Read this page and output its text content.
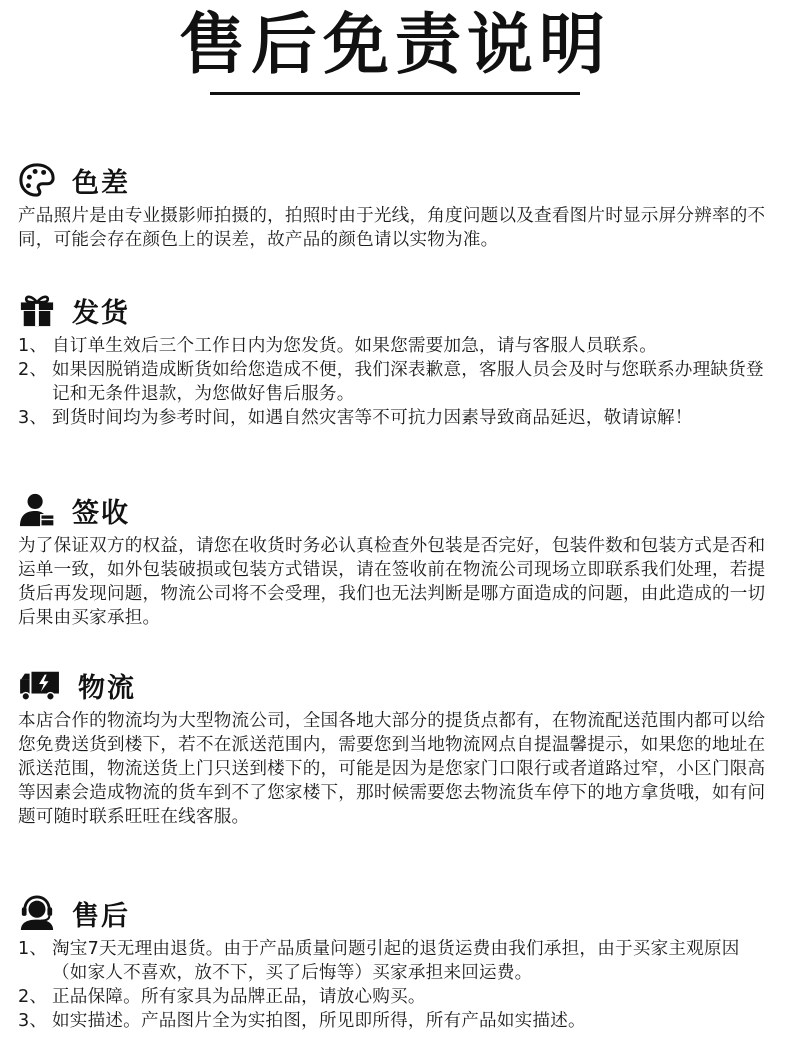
售后免责说明
色差

产品照片是由专业摄影师拍摄的，拍照时由于光线，角度问题以及查看图片时显示屏分辨率的不同，可能会存在颜色上的误差，故产品的颜色请以实物为准。

发货
1、 自订单生效后三个工作日内为您发货。如果您需要加急，请与客服人员联系。
2、 如果因脱销造成断货如给您造成不便，我们深表歉意，客服人员会及时与您联系办理缺货登记和无条件退款，为您做好售后服务。
3、 到货时间均为参考时间，如遇自然灾害等不可抗力因素导致商品延迟，敬请谅解！
签收

为了保证双方的权益，请您在收货时务必认真检查外包装是否完好，包装件数和包装方式是否和运单一致，如外包装破损或包装方式错误，请在签收前在物流公司现场立即联系我们处理，若提货后再发现问题，物流公司将不会受理，我们也无法判断是哪方面造成的问题，由此造成的一切后果由买家承担。

物流

本店合作的物流均为大型物流公司，全国各地大部分的提货点都有，在物流配送范围内都可以给您免费送货到楼下，若不在派送范围内，需要您到当地物流网点自提温馨提示，如果您的地址在派送范围，物流送货上门只送到楼下的，可能是因为是您家门口限行或者道路过窄，小区门限高等因素会造成物流的货车到不了您家楼下，那时候需要您去物流货车停下的地方拿货哦，如有问题可随时联系旺旺在线客服。

售后
1、 淘宝7天无理由退货。由于产品质量问题引起的退货运费由我们承担，由于买家主观原因（如家人不喜欢，放不下，买了后悔等）买家承担来回运费。
2、 正品保障。所有家具为品牌正品，请放心购买。
3、 如实描述。产品图片全为实拍图，所见即所得，所有产品如实描述。
